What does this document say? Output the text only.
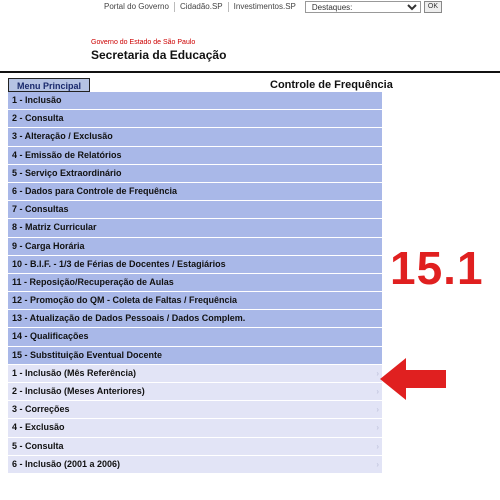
Portal do Governo	Cidadão.SP	Investimentos.SP
Destaques:	OK
Governo do Estado de São Paulo
Secretaria da Educação
Menu Principal	Controle de Frequência
1 - Inclusão
2 - Consulta
3 - Alteração / Exclusão
4 - Emissão de Relatórios
5 - Serviço Extraordinário
6 - Dados para Controle de Frequência
7 - Consultas
8 - Matriz Curricular
9 - Carga Horária
10 - B.I.F. - 1/3 de Férias de Docentes / Estagiários
11 - Reposição/Recuperação de Aulas
12 - Promoção do QM - Coleta de Faltas / Frequência
13 - Atualização de Dados Pessoais / Dados Complem.
14 - Qualificações
15 - Substituição Eventual Docente
1 - Inclusão (Mês Referência)	›
2 - Inclusão (Meses Anteriores)	›
3 - Correções	›
4 - Exclusão	›
5 - Consulta	›
6 - Inclusão (2001 a 2006)	›
15.1
